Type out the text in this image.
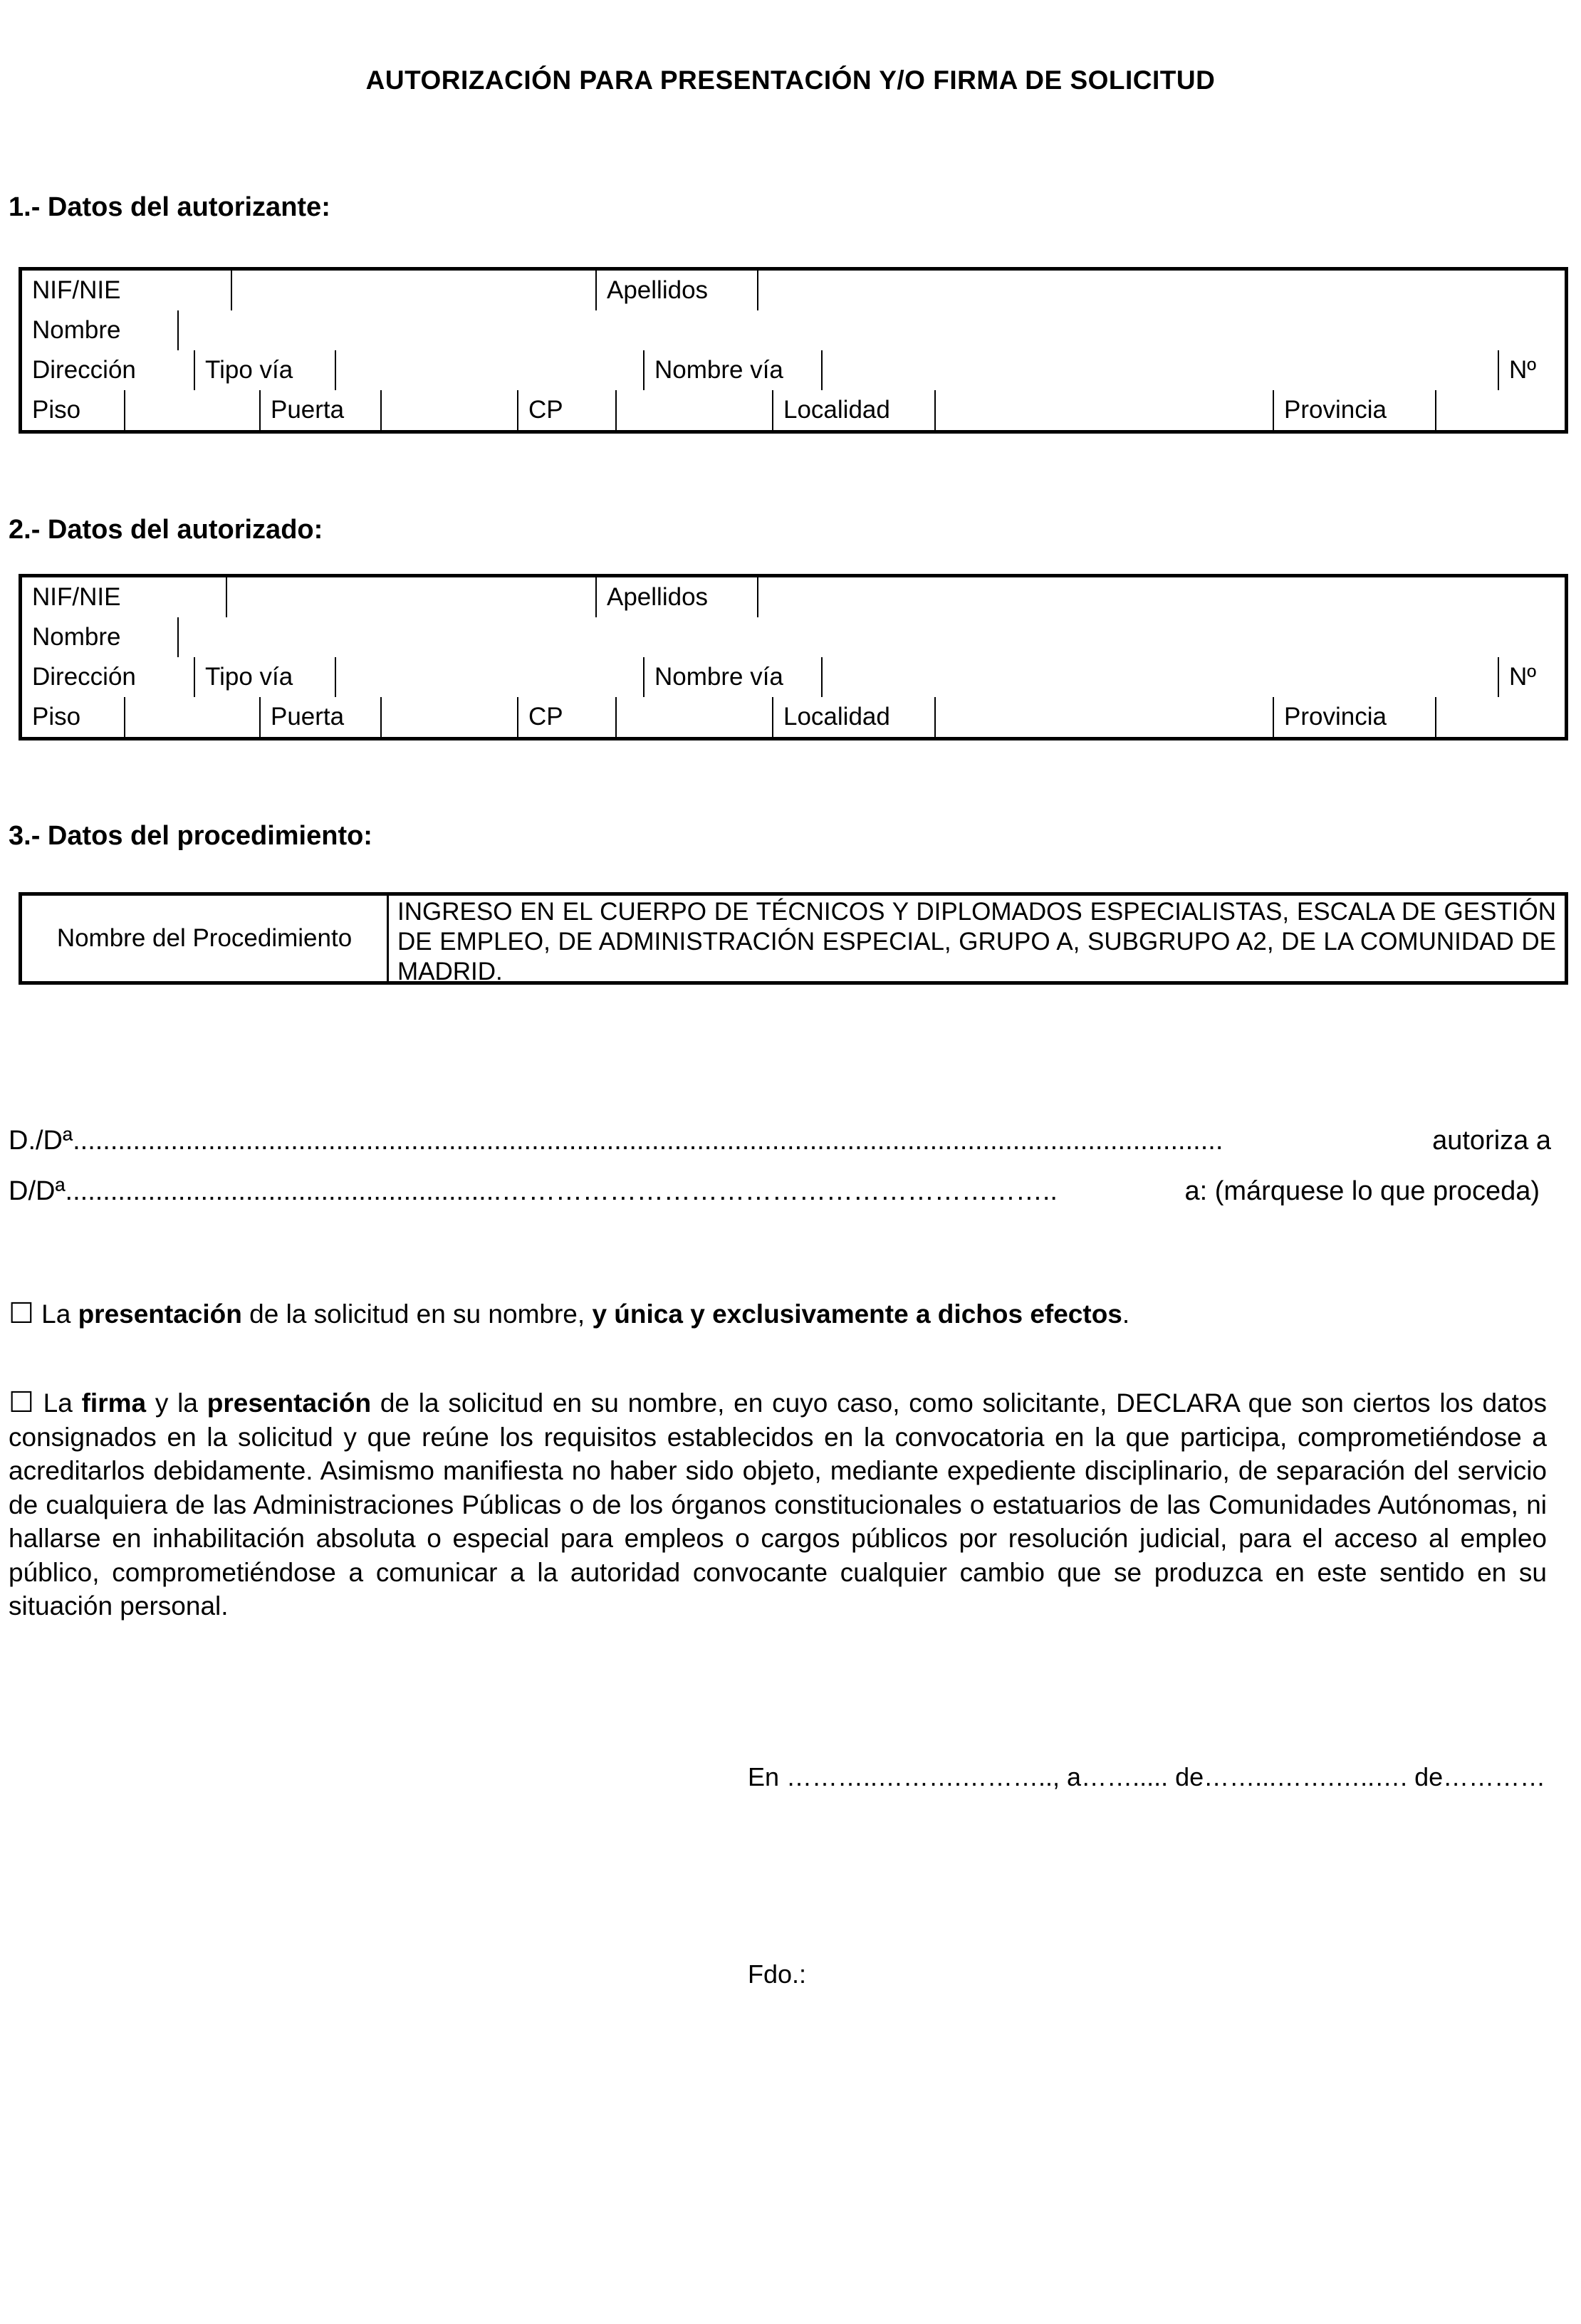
AUTORIZACIÓN PARA PRESENTACIÓN Y/O FIRMA DE SOLICITUD
1.- Datos del autorizante:
NIF/NIE		Apellidos	

Nombre	

Dirección	Tipo vía		Nombre vía		Nº	

Piso		Puerta		CP		Localidad		Provincia	
2.- Datos del autorizado:
NIF/NIE		Apellidos	

Nombre	

Dirección	Tipo vía		Nombre vía		Nº	

Piso		Puerta		CP		Localidad		Provincia	
3.- Datos del procedimiento:
Nombre del Procedimiento
INGRESO EN EL CUERPO DE TÉCNICOS Y DIPLOMADOS ESPECIALISTAS, ESCALA DE GESTIÓN DE EMPLEO, DE ADMINISTRACIÓN ESPECIAL, GRUPO A, SUBGRUPO A2, DE LA COMUNIDAD DE MADRID.
D./Dª.........................................................................................................................................................	autoriza a
D/Dª..........................................................……………………………………………………..	a: (márquese lo que proceda)
☐ La presentación de la solicitud en su nombre, y única y exclusivamente a dichos efectos.
☐ La firma y la presentación de la solicitud en su nombre, en cuyo caso, como solicitante, DECLARA que son ciertos los datos consignados en la solicitud y que reúne los requisitos establecidos en la convocatoria en la que participa, comprometiéndose a acreditarlos debidamente. Asimismo manifiesta no haber sido objeto, mediante expediente disciplinario, de separación del servicio de cualquiera de las Administraciones Públicas o de los órganos constitucionales o estatuarios de las Comunidades Autónomas, ni hallarse en inhabilitación absoluta o especial para empleos o cargos públicos por resolución judicial, para el acceso al empleo público, comprometiéndose a comunicar a la autoridad convocante cualquier cambio que se produzca en este sentido en su situación personal.
En ………..……….……….., a……..... de……...…….…..…. de…………
Fdo.:
